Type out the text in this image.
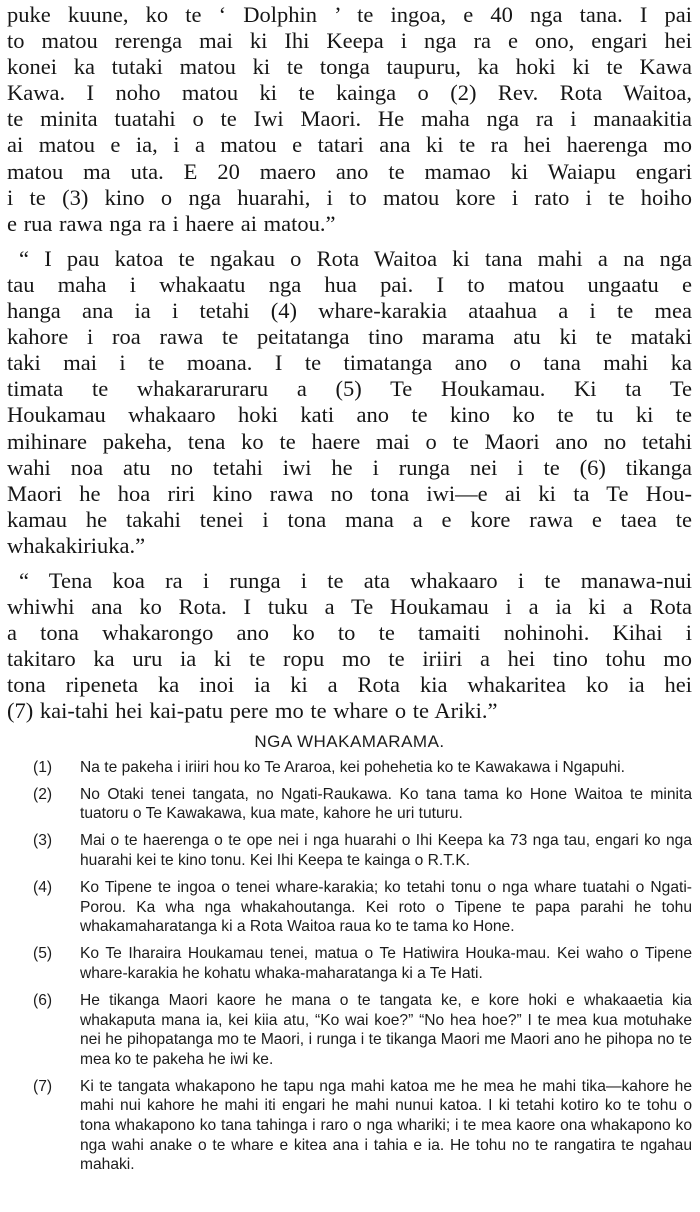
puke kuune, ko te ‘ Dolphin ’ te ingoa, e 40 nga tana. I pai
to matou rerenga mai ki Ihi Keepa i nga ra e ono, engari hei
konei ka tutaki matou ki te tonga taupuru, ka hoki ki te Kawa
Kawa. I noho matou ki te kainga o (2) Rev. Rota Waitoa,
te minita tuatahi o te Iwi Maori. He maha nga ra i manaakitia
ai matou e ia, i a matou e tatari ana ki te ra hei haerenga mo
matou ma uta. E 20 maero ano te mamao ki Waiapu engari
i te (3) kino o nga huarahi, i to matou kore i rato i te hoiho
e rua rawa nga ra i haere ai matou.”
“ I pau katoa te ngakau o Rota Waitoa ki tana mahi a na nga
tau maha i whakaatu nga hua pai. I to matou ungaatu e
hanga ana ia i tetahi (4) whare-karakia ataahua a i te mea
kahore i roa rawa te peitatanga tino marama atu ki te mataki
taki mai i te moana. I te timatanga ano o tana mahi ka
timata te whakararuraru a (5) Te Houkamau. Ki ta Te
Houkamau whakaaro hoki kati ano te kino ko te tu ki te
mihinare pakeha, tena ko te haere mai o te Maori ano no tetahi
wahi noa atu no tetahi iwi he i runga nei i te (6) tikanga
Maori he hoa riri kino rawa no tona iwi—e ai ki ta Te Hou-
kamau he takahi tenei i tona mana a e kore rawa e taea te
whakakiriuka.”
“ Tena koa ra i runga i te ata whakaaro i te manawa-nui
whiwhi ana ko Rota. I tuku a Te Houkamau i a ia ki a Rota
a tona whakarongo ano ko to te tamaiti nohinohi. Kihai i
takitaro ka uru ia ki te ropu mo te iriiri a hei tino tohu mo
tona ripeneta ka inoi ia ki a Rota kia whakaritea ko ia hei
(7) kai-tahi hei kai-patu pere mo te whare o te Ariki.”
NGA WHAKAMARAMA.
(1)	Na te pakeha i iriiri hou ko Te Araroa, kei pohehetia ko te Kawakawa i Ngapuhi.
(2)	No Otaki tenei tangata, no Ngati-Raukawa. Ko tana tama ko Hone Waitoa te minita tuatoru o Te Kawakawa, kua mate, kahore he uri tuturu.
(3)	Mai o te haerenga o te ope nei i nga huarahi o Ihi Keepa ka 73 nga tau, engari ko nga huarahi kei te kino tonu. Kei Ihi Keepa te kainga o R.T.K.
(4)	Ko Tipene te ingoa o tenei whare-karakia; ko tetahi tonu o nga whare tuatahi o Ngati-Porou. Ka wha nga whakahoutanga. Kei roto o Tipene te papa parahi he tohu whakamaharatanga ki a Rota Waitoa raua ko te tama ko Hone.
(5)	Ko Te Iharaira Houkamau tenei, matua o Te Hatiwira Houka-mau. Kei waho o Tipene whare-karakia he kohatu whaka-maharatanga ki a Te Hati.
(6)	He tikanga Maori kaore he mana o te tangata ke, e kore hoki e whakaaetia kia whakaputa mana ia, kei kiia atu, “Ko wai koe?” “No hea hoe?” I te mea kua motuhake nei he pihopatanga mo te Maori, i runga i te tikanga Maori me Maori ano he pihopa no te mea ko te pakeha he iwi ke.
(7)	Ki te tangata whakapono he tapu nga mahi katoa me he mea he mahi tika—kahore he mahi nui kahore he mahi iti engari he mahi nunui katoa. I ki tetahi kotiro ko te tohu o tona whakapono ko tana tahinga i raro o nga whariki; i te mea kaore ona whakapono ko nga wahi anake o te whare e kitea ana i tahia e ia. He tohu no te rangatira te ngahau mahaki.
